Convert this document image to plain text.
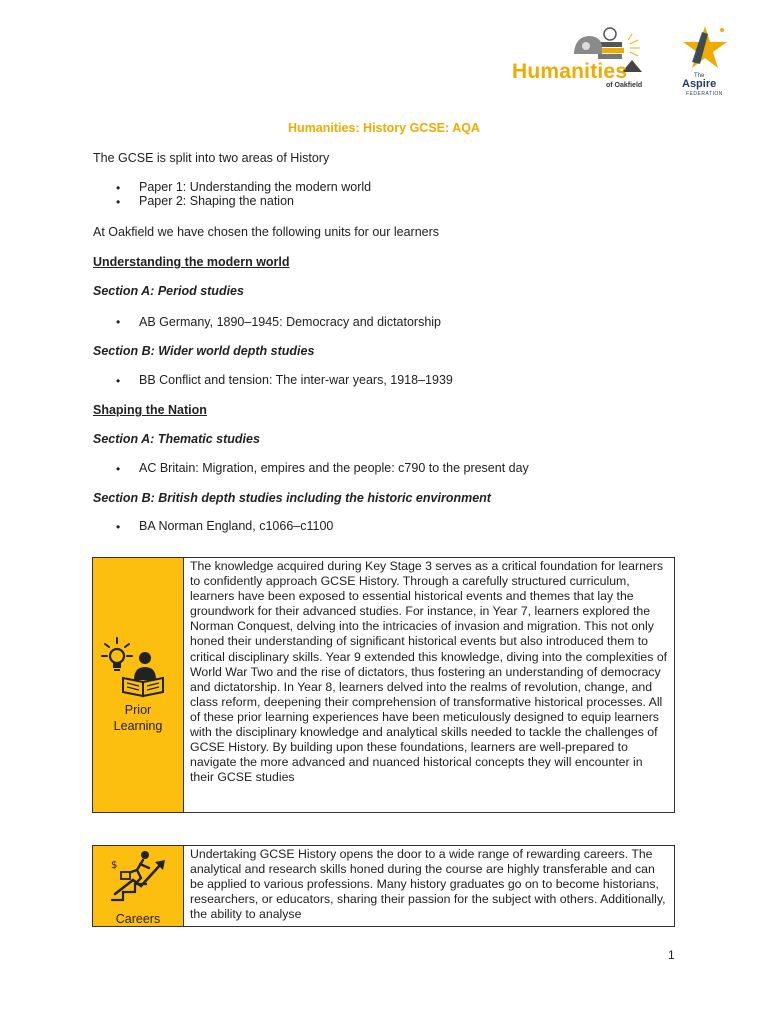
Humanities
of Oakfield
The
Aspire
FEDERATION
Humanities: History GCSE: AQA
The GCSE is split into two areas of History
• Paper 1: Understanding the modern world
• Paper 2: Shaping the nation
At Oakfield we have chosen the following units for our learners
Understanding the modern world
Section A: Period studies
• AB Germany, 1890–1945: Democracy and dictatorship
Section B: Wider world depth studies
• BB Conflict and tension: The inter-war years, 1918–1939
Shaping the Nation
Section A: Thematic studies
• AC Britain: Migration, empires and the people: c790 to the present day
Section B: British depth studies including the historic environment
• BA Norman England, c1066–c1100
Prior
Learning
The knowledge acquired during Key Stage 3 serves as a critical foundation for learners to confidently approach GCSE History. Through a carefully structured curriculum, learners have been exposed to essential historical events and themes that lay the groundwork for their advanced studies. For instance, in Year 7, learners explored the Norman Conquest, delving into the intricacies of invasion and migration. This not only honed their understanding of significant historical events but also introduced them to critical disciplinary skills. Year 9 extended this knowledge, diving into the complexities of World War Two and the rise of dictators, thus fostering an understanding of democracy and dictatorship. In Year 8, learners delved into the realms of revolution, change, and class reform, deepening their comprehension of transformative historical processes. All of these prior learning experiences have been meticulously designed to equip learners with the disciplinary knowledge and analytical skills needed to tackle the challenges of GCSE History. By building upon these foundations, learners are well-prepared to navigate the more advanced and nuanced historical concepts they will encounter in their GCSE studies
$
Careers
Undertaking GCSE History opens the door to a wide range of rewarding careers. The analytical and research skills honed during the course are highly transferable and can be applied to various professions. Many history graduates go on to become historians, researchers, or educators, sharing their passion for the subject with others. Additionally, the ability to analyse
1
